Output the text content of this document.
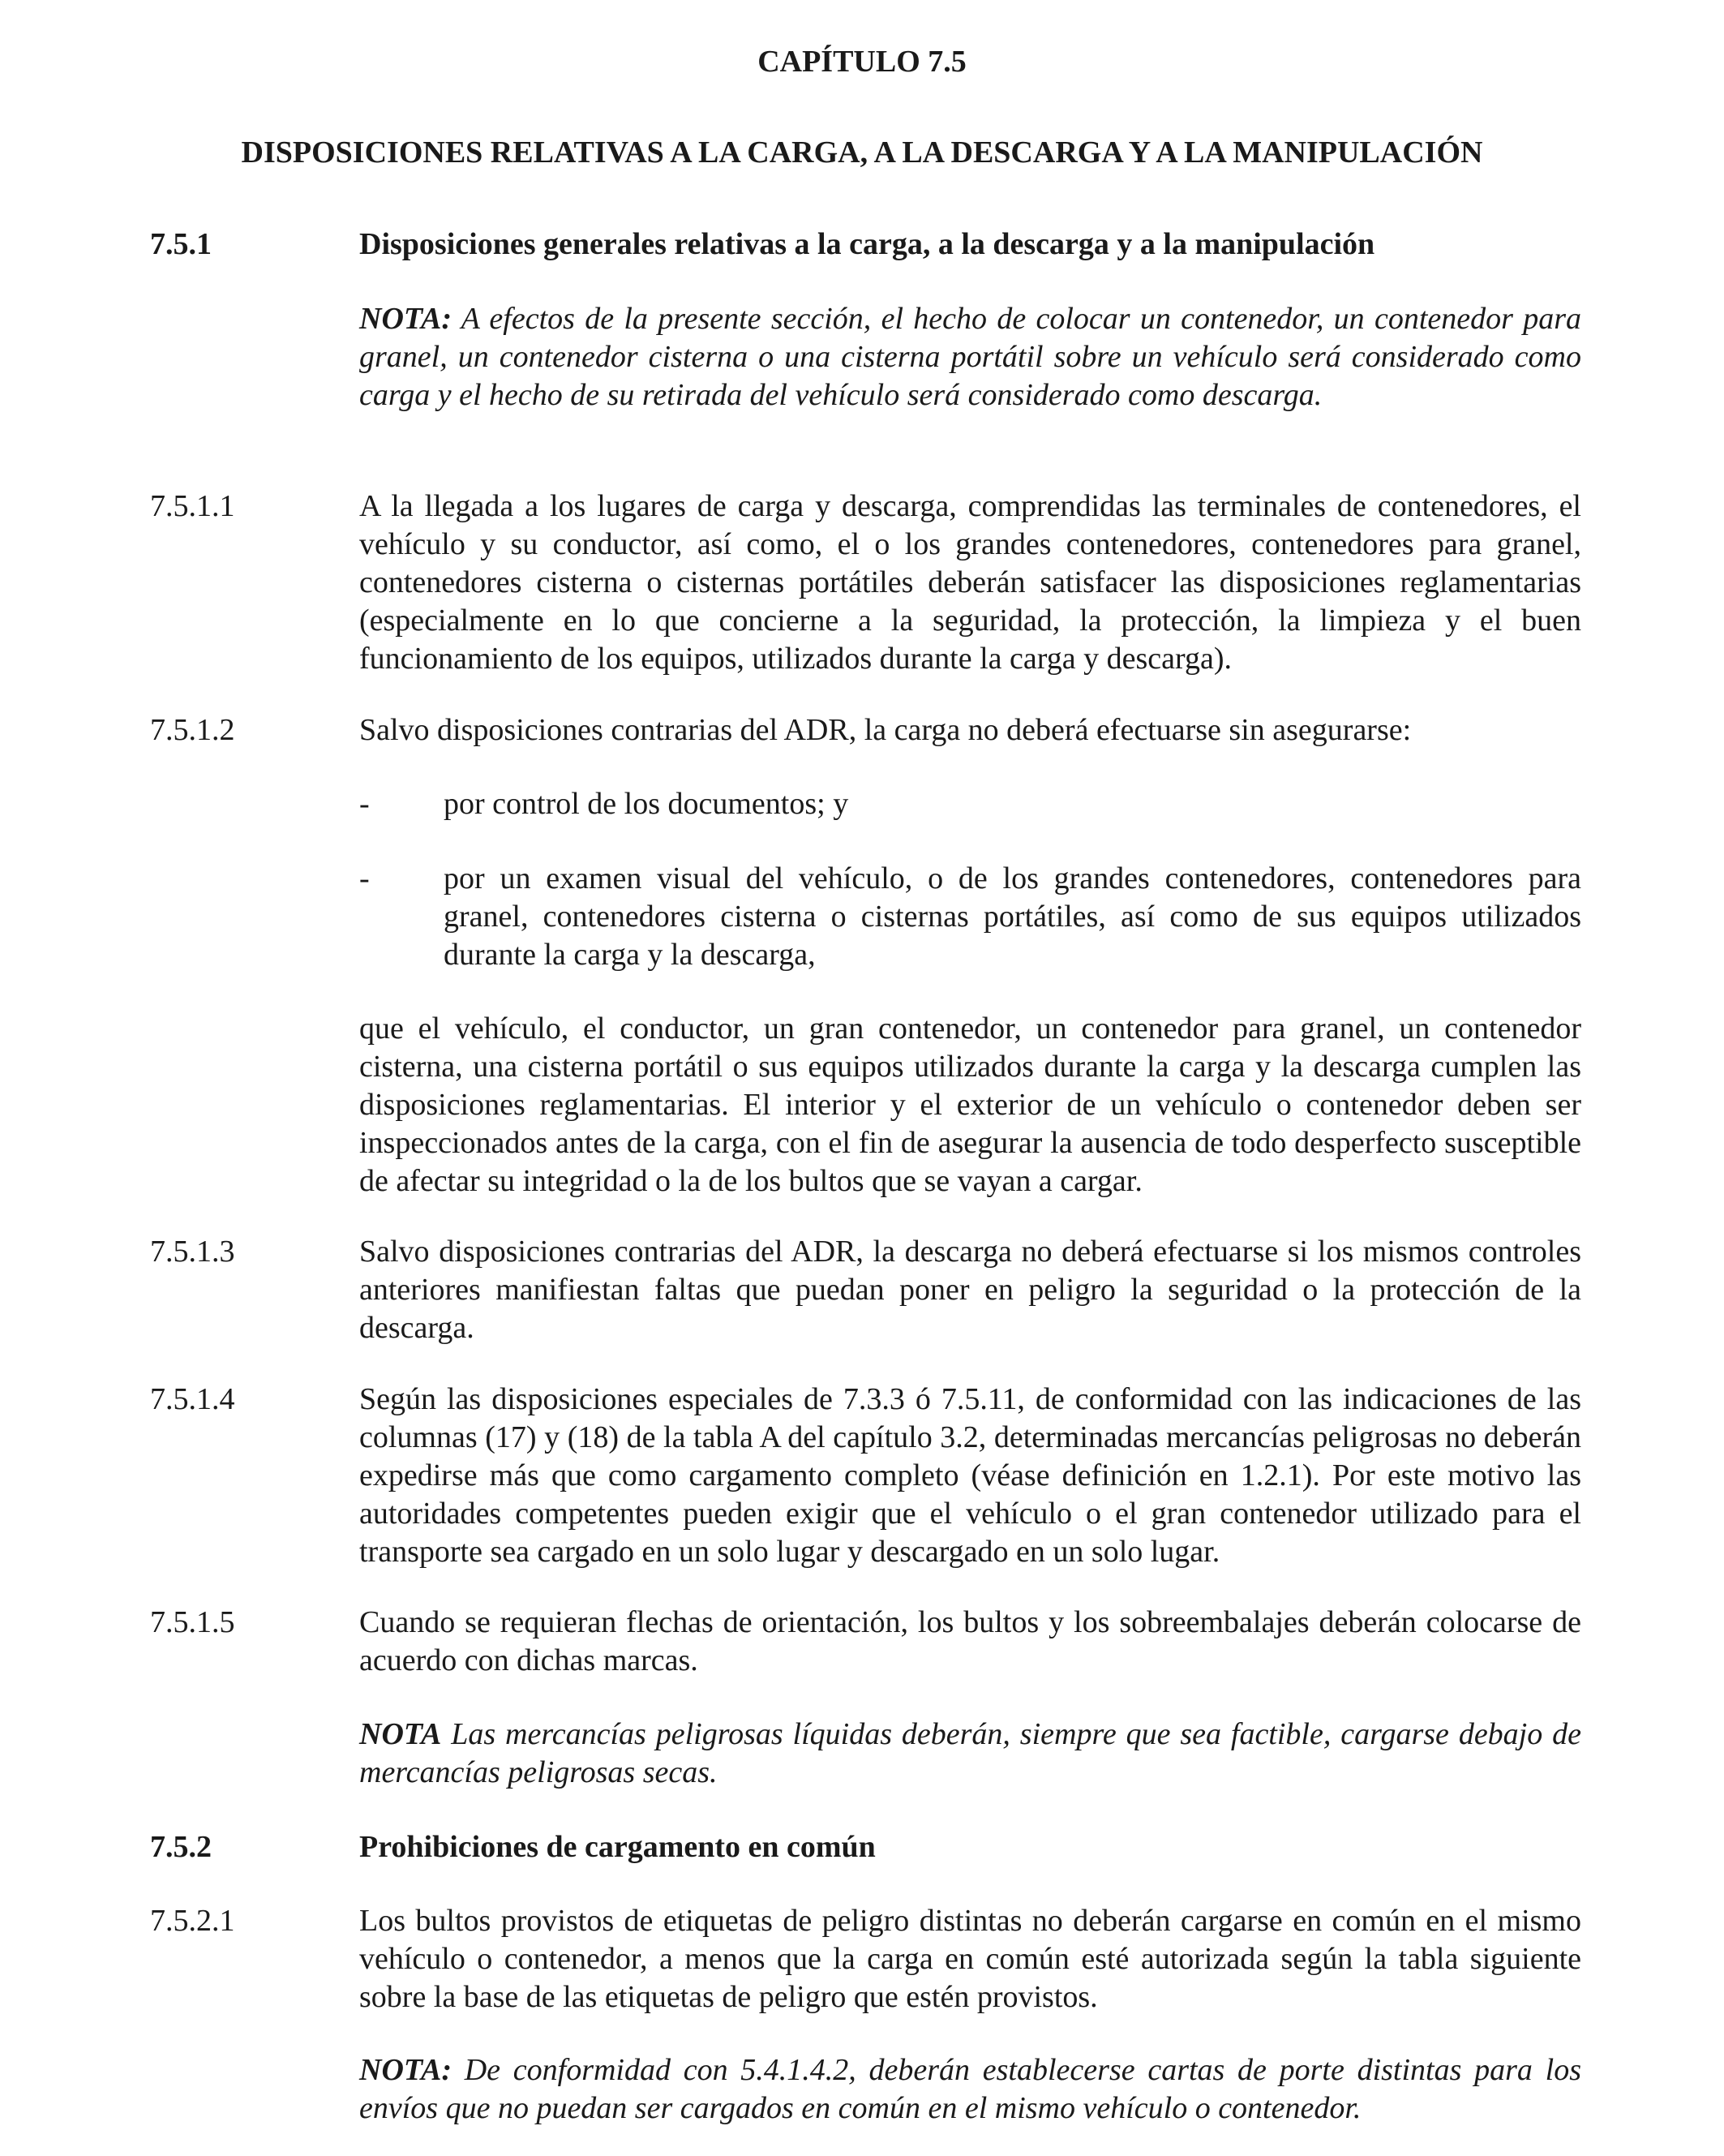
CAPÍTULO 7.5
DISPOSICIONES RELATIVAS A LA CARGA, A LA DESCARGA Y A LA MANIPULACIÓN
7.5.1	Disposiciones generales relativas a la carga, a la descarga y a la manipulación
NOTA: A efectos de la presente sección, el hecho de colocar un contenedor, un contenedor para granel, un contenedor cisterna o una cisterna portátil sobre un vehículo será considerado como carga y el hecho de su retirada del vehículo será considerado como descarga.
7.5.1.1	A la llegada a los lugares de carga y descarga, comprendidas las terminales de contenedores, el vehículo y su conductor, así como, el o los grandes contenedores, contenedores para granel, contenedores cisterna o cisternas portátiles deberán satisfacer las disposiciones reglamentarias (especialmente en lo que concierne a la seguridad, la protección, la limpieza y el buen funcionamiento de los equipos, utilizados durante la carga y descarga).
7.5.1.2	Salvo disposiciones contrarias del ADR, la carga no deberá efectuarse sin asegurarse:
- por control de los documentos; y
- por un examen visual del vehículo, o de los grandes contenedores, contenedores para granel, contenedores cisterna o cisternas portátiles, así como de sus equipos utilizados durante la carga y la descarga,
que el vehículo, el conductor, un gran contenedor, un contenedor para granel, un contenedor cisterna, una cisterna portátil o sus equipos utilizados durante la carga y la descarga cumplen las disposiciones reglamentarias. El interior y el exterior de un vehículo o contenedor deben ser inspeccionados antes de la carga, con el fin de asegurar la ausencia de todo desperfecto susceptible de afectar su integridad o la de los bultos que se vayan a cargar.
7.5.1.3	Salvo disposiciones contrarias del ADR, la descarga no deberá efectuarse si los mismos controles anteriores manifiestan faltas que puedan poner en peligro la seguridad o la protección de la descarga.
7.5.1.4	Según las disposiciones especiales de 7.3.3 ó 7.5.11, de conformidad con las indicaciones de las columnas (17) y (18) de la tabla A del capítulo 3.2, determinadas mercancías peligrosas no deberán expedirse más que como cargamento completo (véase definición en 1.2.1). Por este motivo las autoridades competentes pueden exigir que el vehículo o el gran contenedor utilizado para el transporte sea cargado en un solo lugar y descargado en un solo lugar.
7.5.1.5	Cuando se requieran flechas de orientación, los bultos y los sobreembalajes deberán colocarse de acuerdo con dichas marcas.
NOTA Las mercancías peligrosas líquidas deberán, siempre que sea factible, cargarse debajo de mercancías peligrosas secas.
7.5.2	Prohibiciones de cargamento en común
7.5.2.1	Los bultos provistos de etiquetas de peligro distintas no deberán cargarse en común en el mismo vehículo o contenedor, a menos que la carga en común esté autorizada según la tabla siguiente sobre la base de las etiquetas de peligro que estén provistos.
NOTA: De conformidad con 5.4.1.4.2, deberán establecerse cartas de porte distintas para los envíos que no puedan ser cargados en común en el mismo vehículo o contenedor.
